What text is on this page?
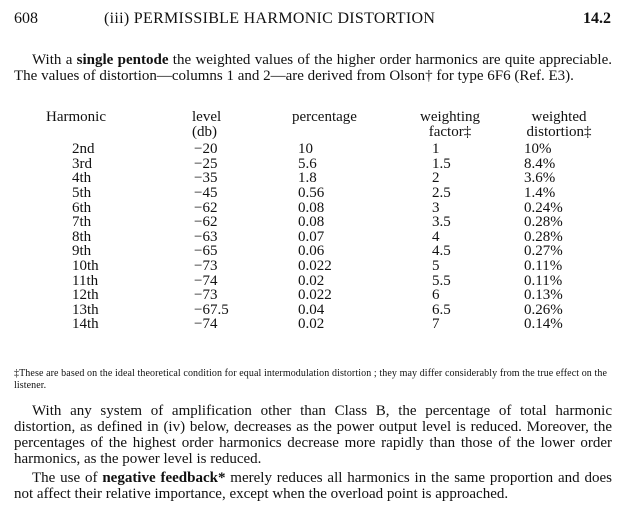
608	(iii) PERMISSIBLE HARMONIC DISTORTION	14.2

With a single pentode the weighted values of the higher order harmonics are quite appreciable. The values of distortion—columns 1 and 2—are derived from Olson† for type 6F6 (Ref. E3).

Harmonic	level	percentage	weighting	weighted
	(db)		factor‡	distortion‡
2nd	−20	10	1	10%
3rd	−25	5.6	1.5	8.4%
4th	−35	1.8	2	3.6%
5th	−45	0.56	2.5	1.4%
6th	−62	0.08	3	0.24%
7th	−62	0.08	3.5	0.28%
8th	−63	0.07	4	0.28%
9th	−65	0.06	4.5	0.27%
10th	−73	0.022	5	0.11%
11th	−74	0.02	5.5	0.11%
12th	−73	0.022	6	0.13%
13th	−67.5	0.04	6.5	0.26%
14th	−74	0.02	7	0.14%

‡These are based on the ideal theoretical condition for equal intermodulation distortion ; they may differ considerably from the true effect on the listener.

With any system of amplification other than Class B, the percentage of total harmonic distortion, as defined in (iv) below, decreases as the power output level is reduced. Moreover, the percentages of the highest order harmonics decrease more rapidly than those of the lower order harmonics, as the power level is reduced.

The use of negative feedback* merely reduces all harmonics in the same proportion and does not affect their relative importance, except when the overload point is approached.
